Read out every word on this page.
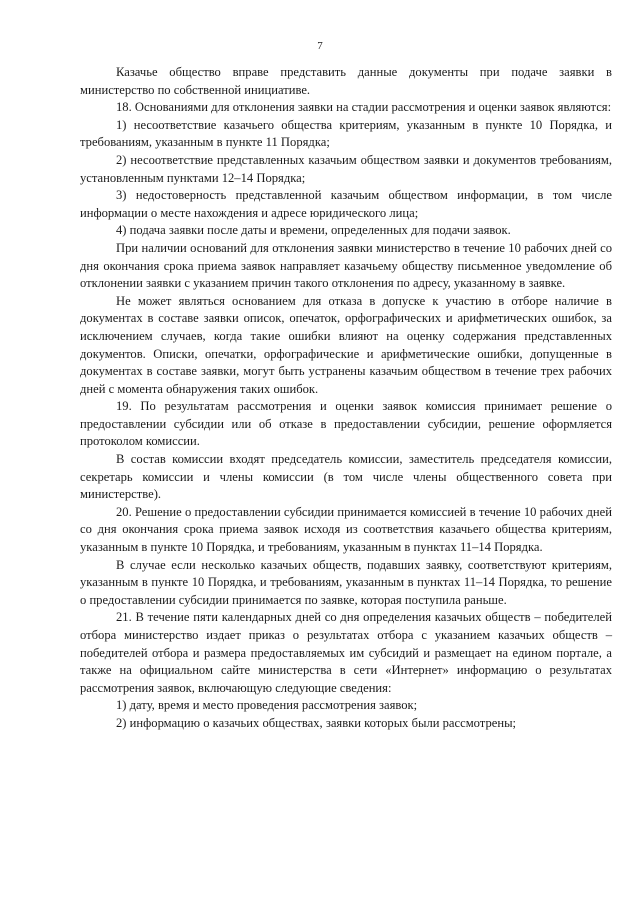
7

Казачье общество вправе представить данные документы при подаче заявки в министерство по собственной инициативе.

18. Основаниями для отклонения заявки на стадии рассмотрения и оценки заявок являются:

1) несоответствие казачьего общества критериям, указанным в пункте 10 Порядка, и требованиям, указанным в пункте 11 Порядка;

2) несоответствие представленных казачьим обществом заявки и документов требованиям, установленным пунктами 12–14 Порядка;

3) недостоверность представленной казачьим обществом информации, в том числе информации о месте нахождения и адресе юридического лица;

4) подача заявки после даты и времени, определенных для подачи заявок.

При наличии оснований для отклонения заявки министерство в течение 10 рабочих дней со дня окончания срока приема заявок направляет казачьему обществу письменное уведомление об отклонении заявки с указанием причин такого отклонения по адресу, указанному в заявке.

Не может являться основанием для отказа в допуске к участию в отборе наличие в документах в составе заявки описок, опечаток, орфографических и арифметических ошибок, за исключением случаев, когда такие ошибки влияют на оценку содержания представленных документов. Описки, опечатки, орфографические и арифметические ошибки, допущенные в документах в составе заявки, могут быть устранены казачьим обществом в течение трех рабочих дней с момента обнаружения таких ошибок.

19. По результатам рассмотрения и оценки заявок комиссия принимает решение о предоставлении субсидии или об отказе в предоставлении субсидии, решение оформляется протоколом комиссии.

В состав комиссии входят председатель комиссии, заместитель председателя комиссии, секретарь комиссии и члены комиссии (в том числе члены общественного совета при министерстве).

20. Решение о предоставлении субсидии принимается комиссией в течение 10 рабочих дней со дня окончания срока приема заявок исходя из соответствия казачьего общества критериям, указанным в пункте 10 Порядка, и требованиям, указанным в пунктах 11–14 Порядка.

В случае если несколько казачьих обществ, подавших заявку, соответствуют критериям, указанным в пункте 10 Порядка, и требованиям, указанным в пунктах 11–14 Порядка, то решение о предоставлении субсидии принимается по заявке, которая поступила раньше.

21. В течение пяти календарных дней со дня определения казачьих обществ – победителей отбора министерство издает приказ о результатах отбора с указанием казачьих обществ – победителей отбора и размера предоставляемых им субсидий и размещает на едином портале, а также на официальном сайте министерства в сети «Интернет» информацию о результатах рассмотрения заявок, включающую следующие сведения:

1) дату, время и место проведения рассмотрения заявок;

2) информацию о казачьих обществах, заявки которых были рассмотрены;
